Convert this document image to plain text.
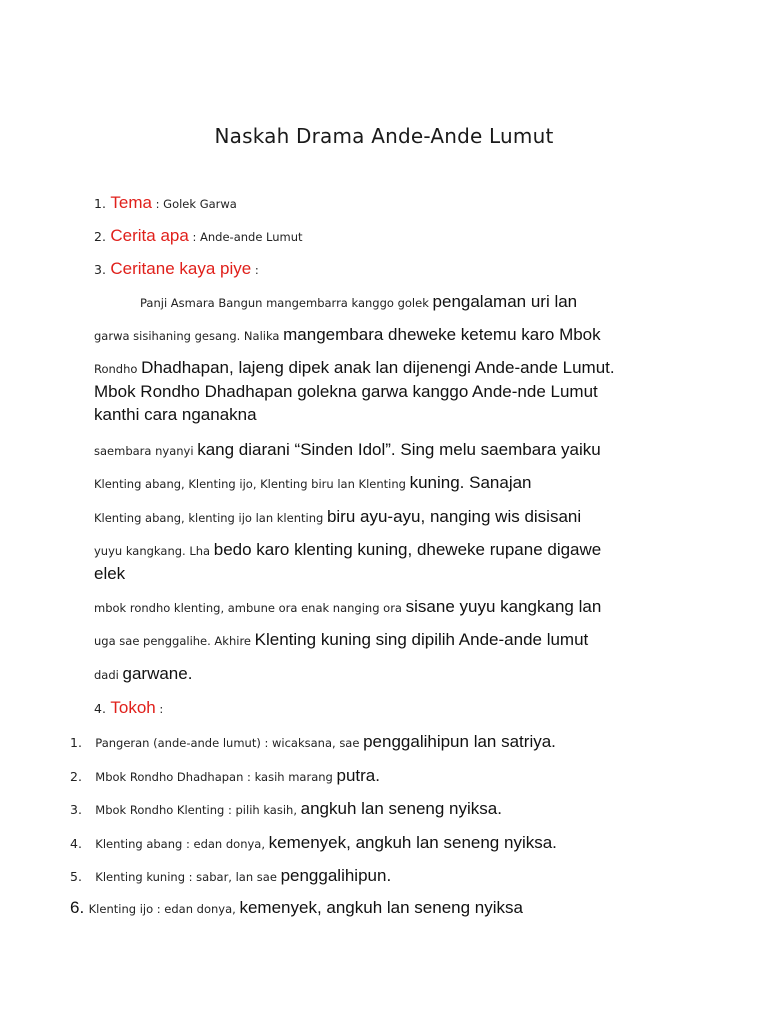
Naskah Drama Ande-Ande Lumut
1. Tema : Golek Garwa
2. Cerita apa : Ande-ande Lumut
3. Ceritane kaya piye :
Panji Asmara Bangun mangembarra kanggo golek pengalaman uri lan
garwa sisihaning gesang. Nalika mangembara dheweke ketemu karo Mbok
Rondho Dhadhapan, lajeng dipek anak lan dijenengi Ande-ande Lumut.
Mbok Rondho Dhadhapan golekna garwa kanggo Ande-nde Lumut
kanthi cara nganakna
saembara nyanyi kang diarani “Sinden Idol”. Sing melu saembara yaiku
Klenting abang, Klenting ijo, Klenting biru lan Klenting kuning. Sanajan
Klenting abang, klenting ijo lan klenting biru ayu-ayu, nanging wis disisani
yuyu kangkang. Lha bedo karo klenting kuning, dheweke rupane digawe
elek
mbok rondho klenting, ambune ora enak nanging ora sisane yuyu kangkang lan
uga sae penggalihe. Akhire Klenting kuning sing dipilih Ande-ande lumut
dadi garwane.
4. Tokoh :
1. Pangeran (ande-ande lumut) : wicaksana, sae penggalihipun lan satriya.
2. Mbok Rondho Dhadhapan : kasih marang putra.
3. Mbok Rondho Klenting : pilih kasih, angkuh lan seneng nyiksa.
4. Klenting abang : edan donya, kemenyek, angkuh lan seneng nyiksa.
5. Klenting kuning : sabar, lan sae penggalihipun.
6. Klenting ijo : edan donya, kemenyek, angkuh lan seneng nyiksa
